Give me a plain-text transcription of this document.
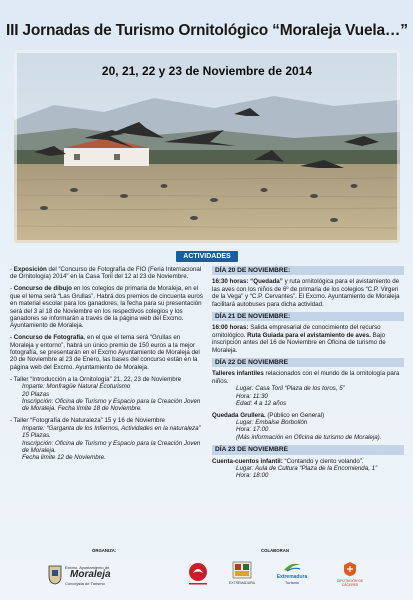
III Jornadas de Turismo Ornitológico “Moraleja Vuela…”
20, 21, 22 y 23 de Noviembre de 2014
ACTIVIDADES
- Exposición del “Concurso de Fotografía de FIO (Feria Internacional de Ornitología) 2014” en la Casa Toril del 12 al 23 de Noviembre.
- Concurso de dibujo en los colegios de primaria de Moraleja, en el que el tema será “Las Grullas”. Habrá dos premios de cincuenta euros en material escolar para los ganadores, la fecha para su presentación será del 3 al 18 de Noviembre en los respectivos colegios y los ganadores se informarán a través de la página web del Excmo. Ayuntamiento de Moraleja.
- Concurso de Fotografía, en el que el tema será “Grullas en Moraleja y entorno”, habrá un único premio de 150 euros a la mejor fotografía, se presentarán en el Excmo Ayuntamiento de Moraleja del 20 de Noviembre al 23 de Enero, las bases del concurso están en la página web del Excmo. Ayuntamiento de Moraleja.
- Taller “Introducción a la Ornitología” 21, 22, 23 de Noviembre
Imparte: Monfragüe Natural Ecoturismo
20 Plazas
Inscripción: Oficina de Turismo y Espacio para la Creación Joven de Moraleja. Fecha límite 18 de Noviembre.
- Taller “Fotografía de Naturaleza” 15 y 16 de Noviembre
Imparte: “Garganta de los Infiernos, Actividades en la naturaleza”
15 Plazas.
Inscripción: Oficina de Turismo y Espacio para la Creación Joven de Moraleja.
Fecha limite 12 de Noviembre.
DÍA 20 DE NOVIEMBRE:
16:30 horas: “Quedada” y ruta ornitológica para el avistamiento de las aves con los niños de 6º de primaria de los colegios “C.P. Virgen de la Vega” y “C.P. Cervantes”. El Excmo. Ayuntamiento de Moraleja facilitará autobuses para dicha actividad.
DÍA 21 DE NOVIEMBRE:
16:00 horas: Salida empresarial de conocimiento del recurso ornitológico. Ruta Guiada para el avistamiento de aves. Bajo inscripción antes del 16 de Noviembre en Oficina de turismo de Moraleja.
DÍA 22 DE NOVIEMBRE
Talleres infantiles relacionados con el mundo de la ornitología para niños.
Lugar: Casa Toril “Plaza de los toros, 5”
Hora: 11:30
Edad: 4 a 12 años
Quedada Grullera. (Público en General)
Lugar: Embalse Borbollón
Hora: 17:00
(Más información en Oficina de turismo de Moraleja).
DÍA 23 DE NOVIEMBRE
Cuenta-cuentos infantil: “Contando y ciento volando”.
Lugar: Aula de Cultura “Plaza de la Encomienda, 1”
Hora: 18:00
ORGANIZA:	COLABORAN
Excmo. Ayuntamiento de
Moraleja
Concejalía de Turismo	EXTREMADURA
Extremadura
Turismo	DIPUTACIÓN DE CÁCERES
